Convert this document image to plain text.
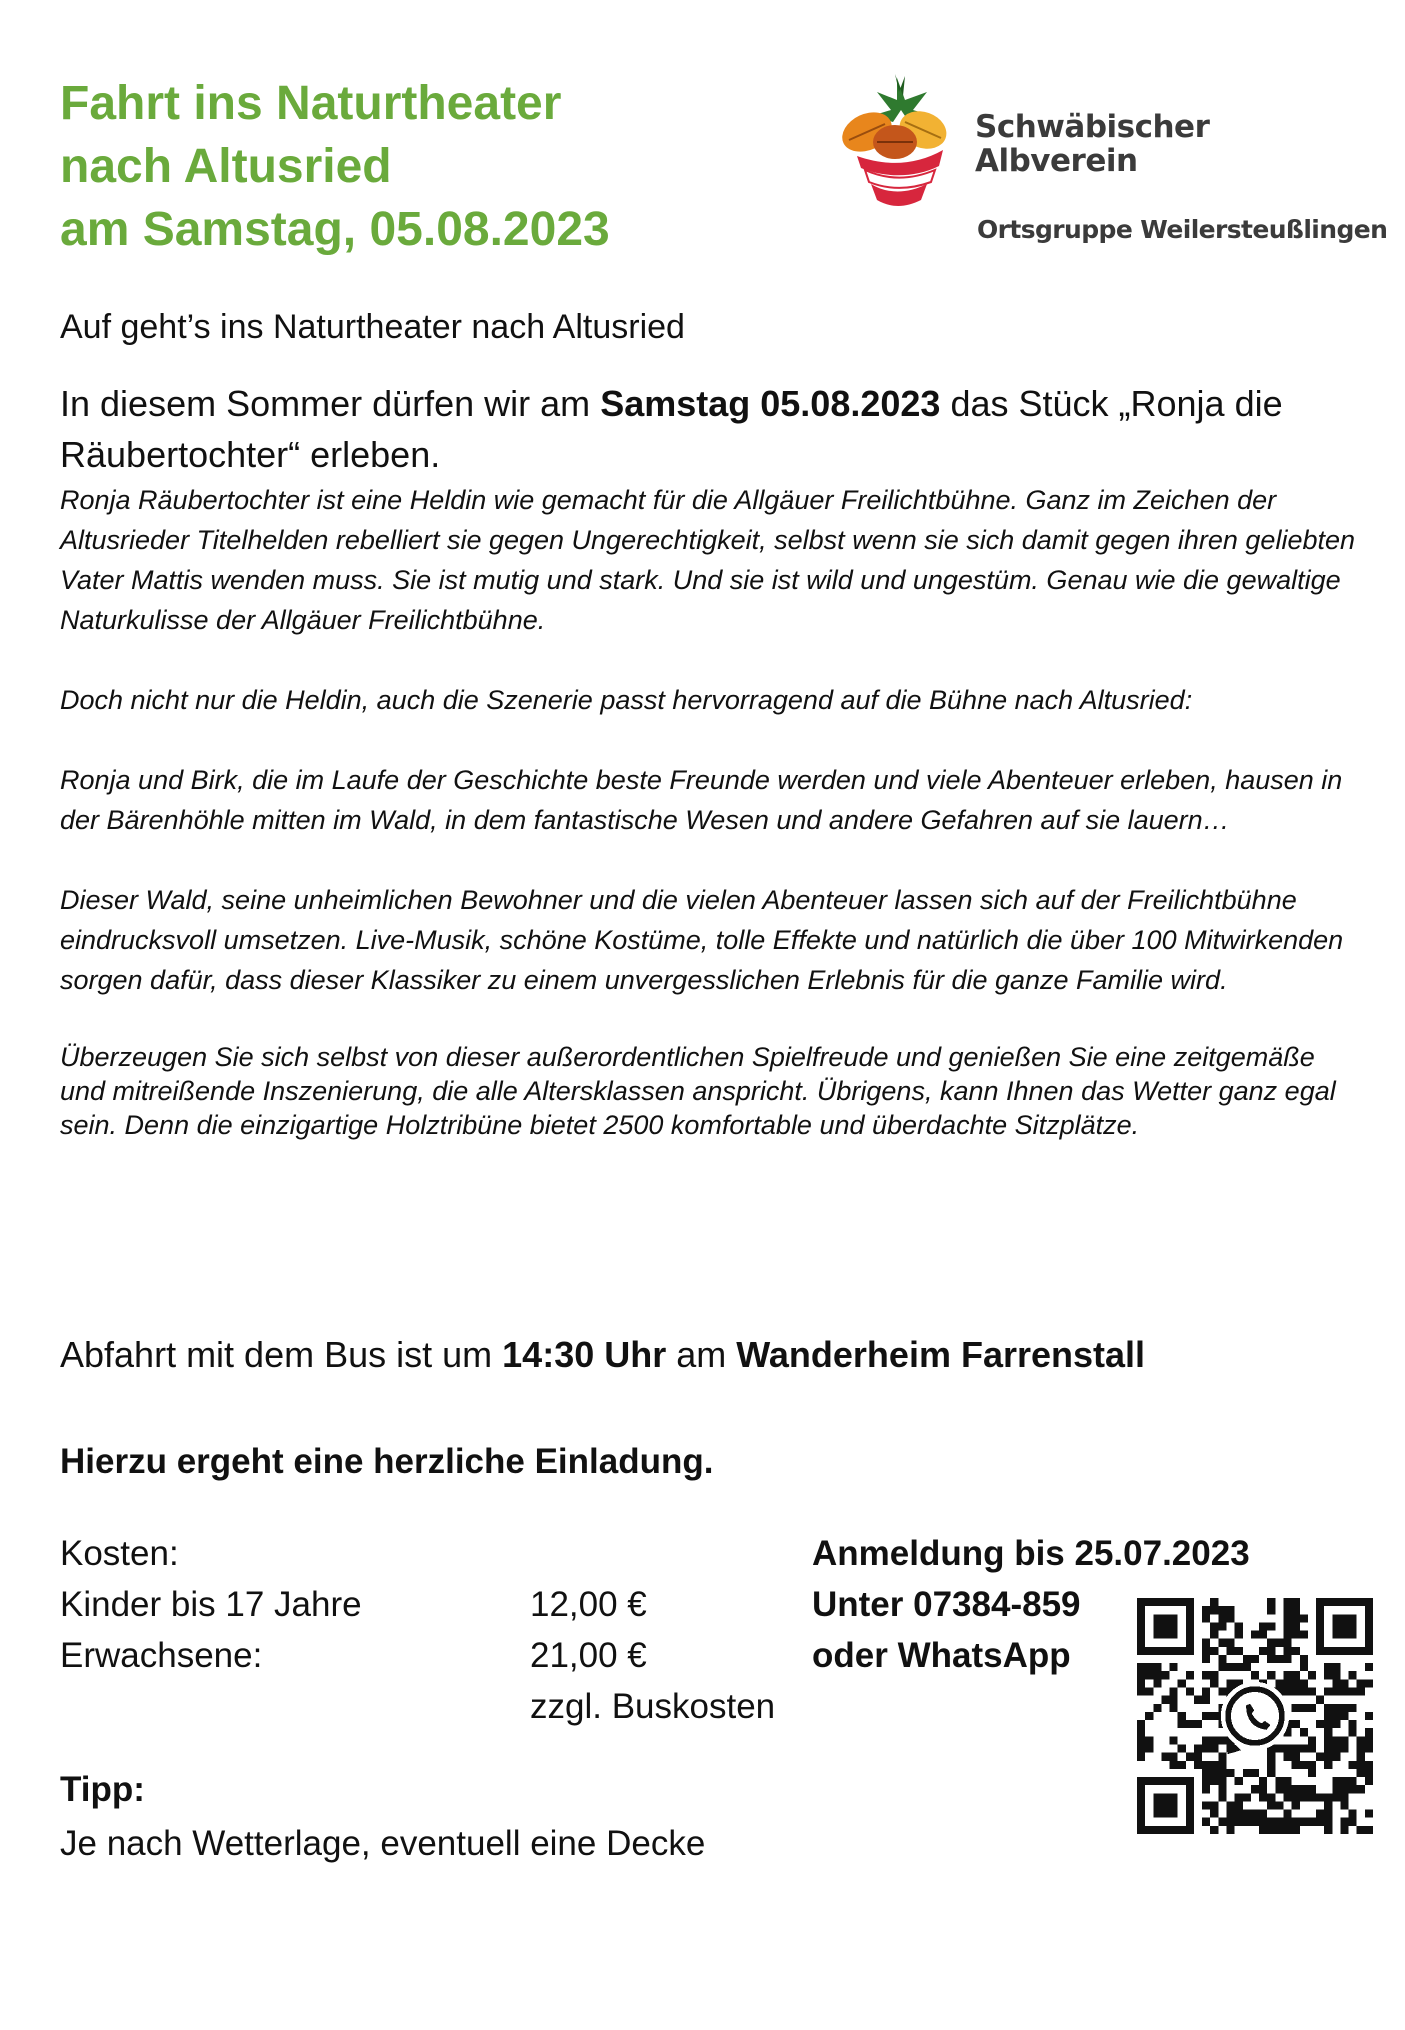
Fahrt ins Naturtheater
nach Altusried
am Samstag, 05.08.2023
Schwäbischer
Albverein
Ortsgruppe Weilersteußlingen

Auf geht’s ins Naturtheater nach Altusried

In diesem Sommer dürfen wir am Samstag 05.08.2023 das Stück „Ronja die Räubertochter“ erleben.

Ronja Räubertochter ist eine Heldin wie gemacht für die Allgäuer Freilichtbühne. Ganz im Zeichen der Altusrieder Titelhelden rebelliert sie gegen Ungerechtigkeit, selbst wenn sie sich damit gegen ihren geliebten Vater Mattis wenden muss. Sie ist mutig und stark. Und sie ist wild und ungestüm. Genau wie die gewaltige Naturkulisse der Allgäuer Freilichtbühne.

Doch nicht nur die Heldin, auch die Szenerie passt hervorragend auf die Bühne nach Altusried:

Ronja und Birk, die im Laufe der Geschichte beste Freunde werden und viele Abenteuer erleben, hausen in der Bärenhöhle mitten im Wald, in dem fantastische Wesen und andere Gefahren auf sie lauern…

Dieser Wald, seine unheimlichen Bewohner und die vielen Abenteuer lassen sich auf der Freilichtbühne eindrucksvoll umsetzen. Live-Musik, schöne Kostüme, tolle Effekte und natürlich die über 100 Mitwirkenden sorgen dafür, dass dieser Klassiker zu einem unvergesslichen Erlebnis für die ganze Familie wird.

Überzeugen Sie sich selbst von dieser außerordentlichen Spielfreude und genießen Sie eine zeitgemäße und mitreißende Inszenierung, die alle Altersklassen anspricht. Übrigens, kann Ihnen das Wetter ganz egal sein. Denn die einzigartige Holztribüne bietet 2500 komfortable und überdachte Sitzplätze.

Abfahrt mit dem Bus ist um 14:30 Uhr am Wanderheim Farrenstall

Hierzu ergeht eine herzliche Einladung.

Kosten:
Kinder bis 17 Jahre	12,00 €
Erwachsene:	21,00 €
zzgl. Buskosten
Anmeldung bis 25.07.2023
Unter 07384-859
oder WhatsApp
Tipp:
Je nach Wetterlage, eventuell eine Decke
